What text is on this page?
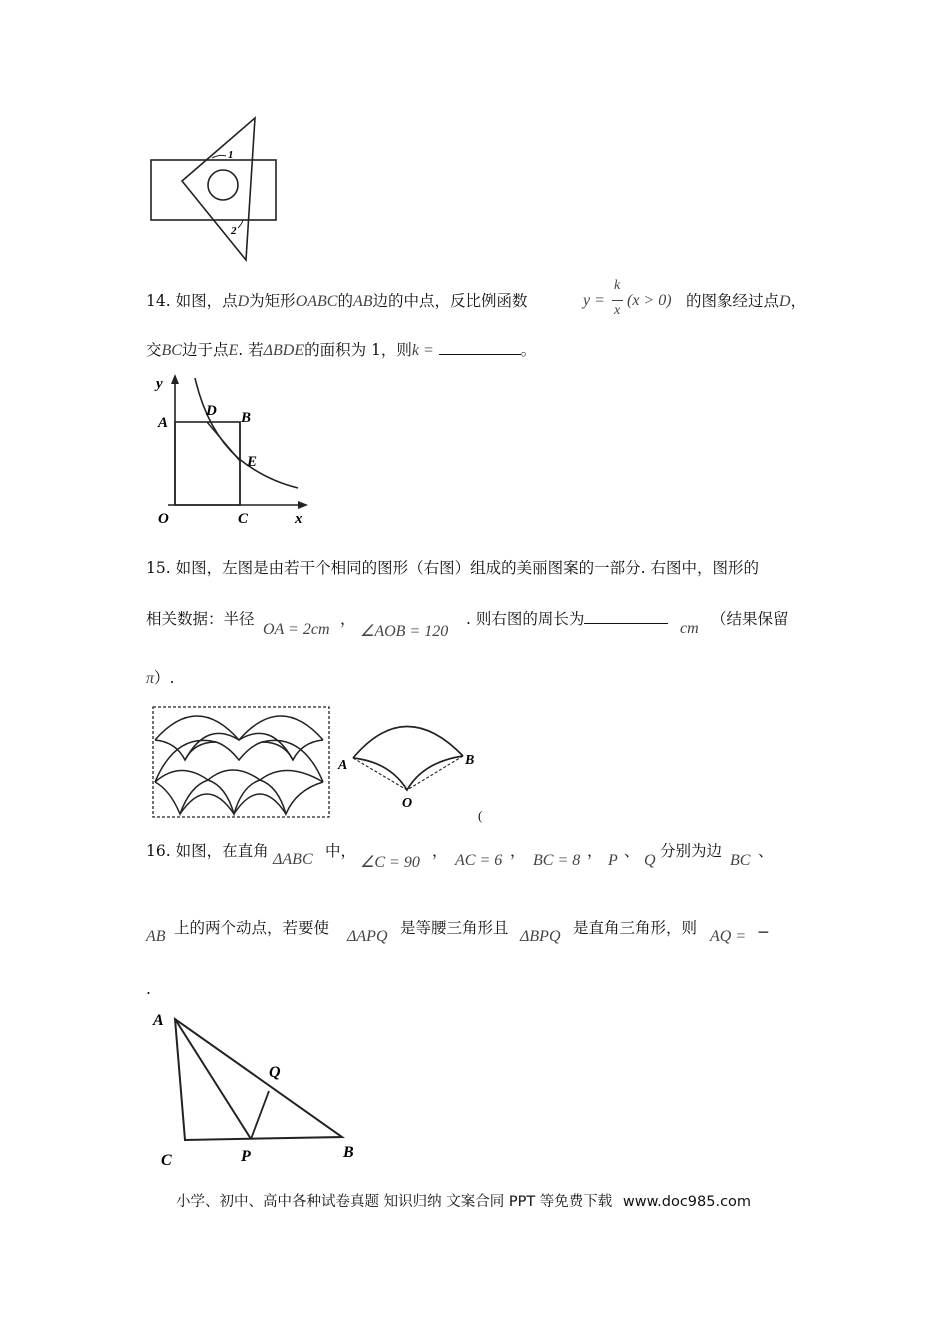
1
2
14. 如图，点D为矩形OABC的AB边的中点，反比例函数	y =
k
x
(x > 0) 的图象经过点D，
交BC边于点E. 若ΔBDE的面积为 1，则k =	。
y
A
D B
E
O	C	x
15. 如图，左图是由若干个相同的图形（右图）组成的美丽图案的一部分. 右图中，图形的
相关数据：半径
OA = 2cm
，
∠AOB = 120
. 则右图的周长为
cm
（结果保留
π）.
A	B
O
(
16. 如图，在直角 ΔABC 中，
∠C = 90
，
AC = 6
，
BC = 8
，
P
、
Q
分别为边
BC
、
AB 上的两个动点，若要使 ΔAPQ 是等腰三角形且 ΔBPQ 是直角三角形，则 AQ = −
.
A
Q
C	P	B
小学、初中、高中各种试卷真题 知识归纳 文案合同 PPT 等免费下载 www.doc985.com
